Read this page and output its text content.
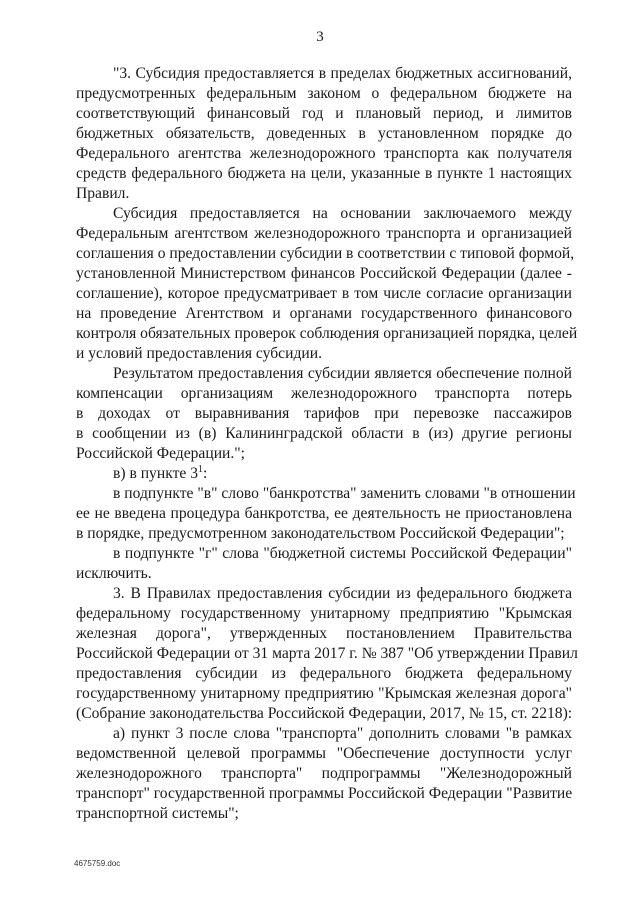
3
"3. Субсидия предоставляется в пределах бюджетных ассигнований,
предусмотренных федеральным законом о федеральном бюджете на
соответствующий финансовый год и плановый период, и лимитов
бюджетных обязательств, доведенных в установленном порядке до
Федерального агентства железнодорожного транспорта как получателя
средств федерального бюджета на цели, указанные в пункте 1 настоящих
Правил.
Субсидия предоставляется на основании заключаемого между
Федеральным агентством железнодорожного транспорта и организацией
соглашения о предоставлении субсидии в соответствии с типовой формой,
установленной Министерством финансов Российской Федерации (далее -
соглашение), которое предусматривает в том числе согласие организации
на проведение Агентством и органами государственного финансового
контроля обязательных проверок соблюдения организацией порядка, целей
и условий предоставления субсидии.
Результатом предоставления субсидии является обеспечение полной
компенсации организациям железнодорожного транспорта потерь
в доходах от выравнивания тарифов при перевозке пассажиров
в сообщении из (в) Калининградской области в (из) другие регионы
Российской Федерации.";
в) в пункте $3^1$:
в подпункте "в" слово "банкротства" заменить словами "в отношении
ее не введена процедура банкротства, ее деятельность не приостановлена
в порядке, предусмотренном законодательством Российской Федерации";
в подпункте "г" слова "бюджетной системы Российской Федерации"
исключить.
3. В Правилах предоставления субсидии из федерального бюджета
федеральному государственному унитарному предприятию "Крымская
железная дорога", утвержденных постановлением Правительства
Российской Федерации от 31 марта 2017 г. № 387 "Об утверждении Правил
предоставления субсидии из федерального бюджета федеральному
государственному унитарному предприятию "Крымская железная дорога"
(Собрание законодательства Российской Федерации, 2017, № 15, ст. 2218):
а) пункт 3 после слова "транспорта" дополнить словами "в рамках
ведомственной целевой программы "Обеспечение доступности услуг
железнодорожного транспорта" подпрограммы "Железнодорожный
транспорт" государственной программы Российской Федерации "Развитие
транспортной системы";
4675759.doc
